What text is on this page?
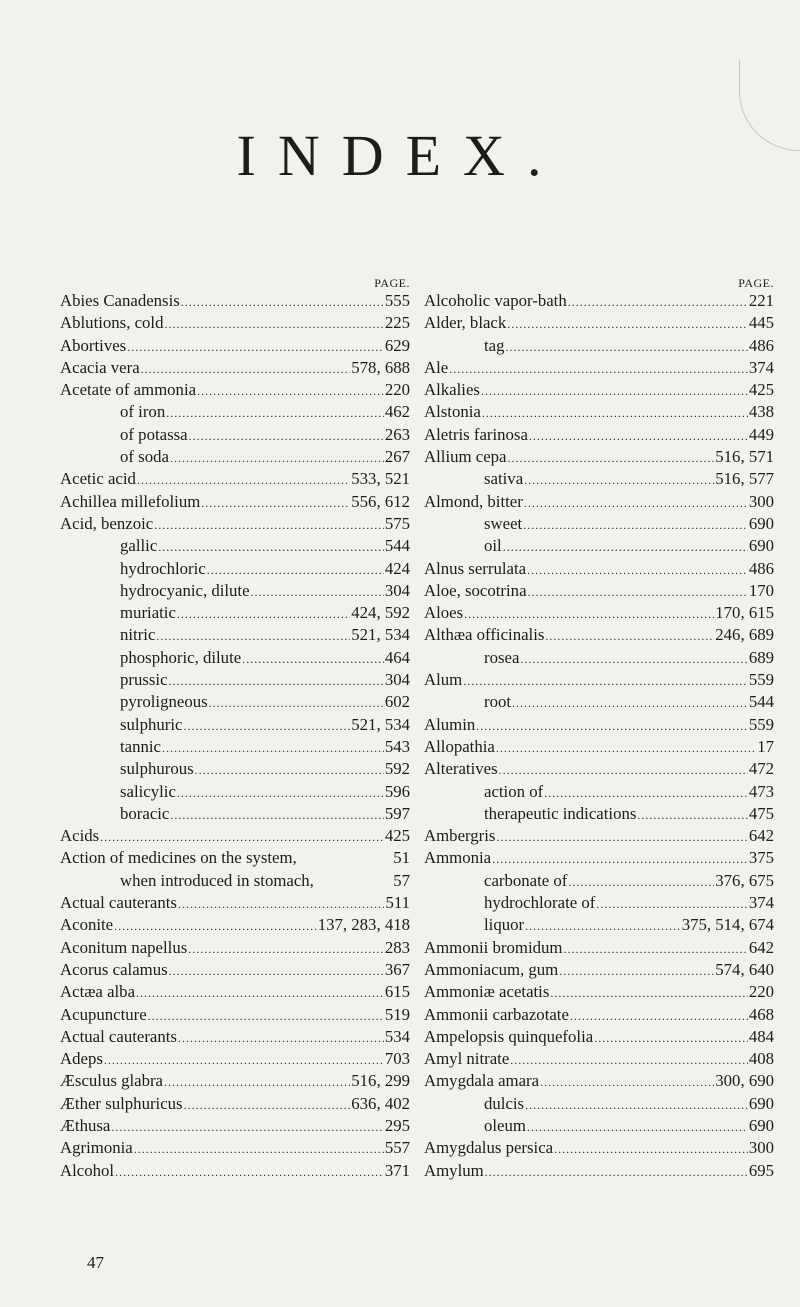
INDEX.
PAGE.
Abies Canadensis .....	555
Ablutions, cold .....	225
Abortives .....	629
Acacia vera .....	578, 688
Acetate of ammonia .....	220
of iron .....	462
of potassa .....	263
of soda .....	267
Acetic acid .....	533, 521
Achillea millefolium .....	556, 612
Acid, benzoic .....	575
gallic .....	544
hydrochloric .....	424
hydrocyanic, dilute .....	304
muriatic .....	424, 592
nitric .....	521, 534
phosphoric, dilute .....	464
prussic .....	304
pyroligneous .....	602
sulphuric .....	521, 534
tannic .....	543
sulphurous .....	592
salicylic .....	596
boracic .....	597
Acids .....	425
Action of medicines on the system,	51
when introduced in stomach,	57
Actual cauterants .....	511
Aconite .....	137, 283, 418
Aconitum napellus .....	283
Acorus calamus .....	367
Actæa alba .....	615
Acupuncture .....	519
Actual cauterants .....	534
Adeps .....	703
Æsculus glabra .....	516, 299
Æther sulphuricus .....	636, 402
Æthusa .....	295
Agrimonia .....	557
Alcohol .....	371
PAGE.
Alcoholic vapor-bath .....	221
Alder, black .....	445
tag .....	486
Ale .....	374
Alkalies .....	425
Alstonia .....	438
Aletris farinosa .....	449
Allium cepa .....	516, 571
sativa .....	516, 577
Almond, bitter .....	300
sweet .....	690
oil .....	690
Alnus serrulata .....	486
Aloe, socotrina .....	170
Aloes .....	170, 615
Althæa officinalis .....	246, 689
rosea .....	689
Alum .....	559
root .....	544
Alumin .....	559
Allopathia .....	17
Alteratives .....	472
action of .....	473
therapeutic indications .....	475
Ambergris .....	642
Ammonia .....	375
carbonate of .....	376, 675
hydrochlorate of .....	374
liquor .....	375, 514, 674
Ammonii bromidum .....	642
Ammoniacum, gum .....	574, 640
Ammoniæ acetatis .....	220
Ammonii carbazotate .....	468
Ampelopsis quinquefolia .....	484
Amyl nitrate .....	408
Amygdala amara .....	300, 690
dulcis .....	690
oleum .....	690
Amygdalus persica .....	300
Amylum .....	695
47
